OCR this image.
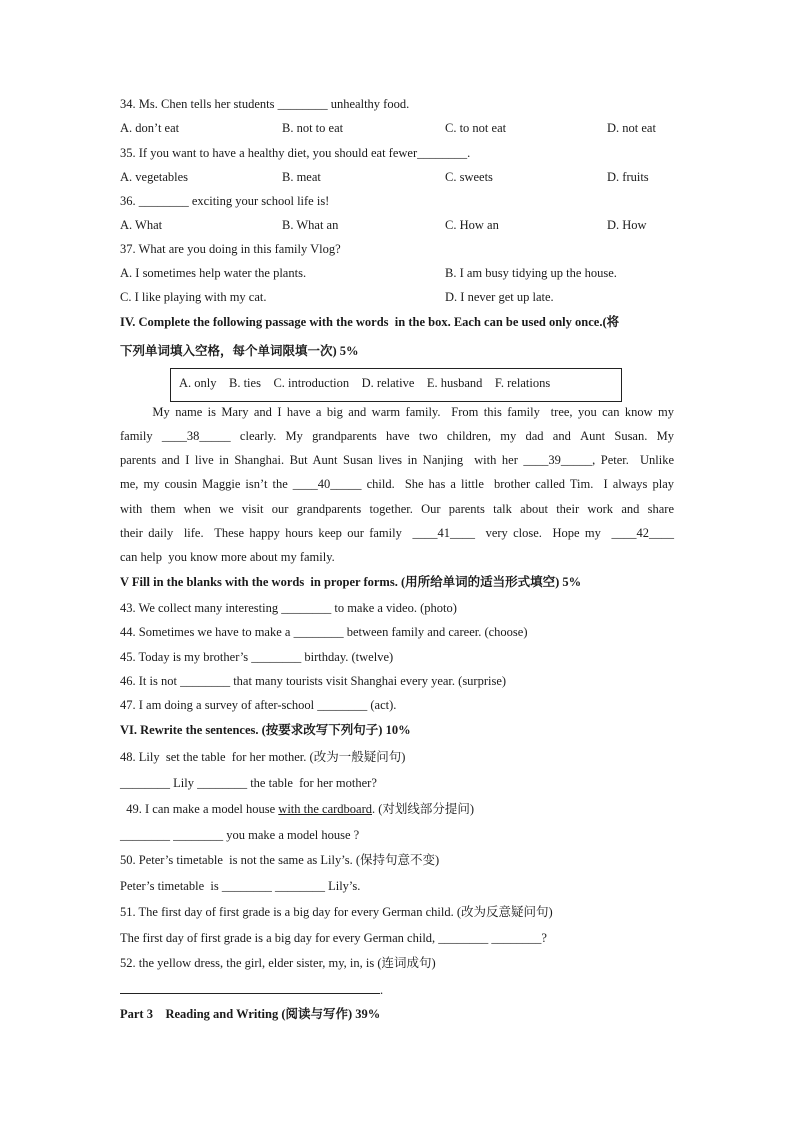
34. Ms. Chen tells her students ________ unhealthy food.
A. don’t eat	B. not to eat	C. to not eat	D. not eat
35. If you want to have a healthy diet, you should eat fewer________.
A. vegetables	B. meat	C. sweets	D. fruits
36. ________ exciting your school life is!
A. What	B. What an	C. How an	D. How
37. What are you doing in this family Vlog?
A. I sometimes help water the plants.	B. I am busy tidying up the house.
C. I like playing with my cat.	D. I never get up late.
IV. Complete the following passage with the words  in the box. Each can be used only once.(将
下列单词填入空格，每个单词限填一次) 5%
A. only    B. ties    C. introduction    D. relative    E. husband    F. relations
My name is Mary and I have a big and warm family.  From this family  tree, you can know my
family  ____38_____  clearly.  My  grandparents  have  two  children,  my  dad  and  Aunt  Susan.  My
parents and I live in Shanghai. But Aunt Susan lives in Nanjing  with her ____39_____, Peter.  Unlike
me, my cousin Maggie isn’t the ____40_____ child.  She has a little  brother called Tim.  I always play
with  them  when  we  visit  our  grandparents  together.  Our  parents  talk  about  their  work  and  share
their daily  life.  These happy hours keep our family  ____41____  very close.  Hope my  ____42____
can help  you know more about my family.
V Fill in the blanks with the words  in proper forms. (用所给单词的适当形式填空) 5%
43. We collect many interesting ________ to make a video. (photo)
44. Sometimes we have to make a ________ between family and career. (choose)
45. Today is my brother’s ________ birthday. (twelve)
46. It is not ________ that many tourists visit Shanghai every year. (surprise)
47. I am doing a survey of after-school ________ (act).
VI. Rewrite the sentences. (按要求改写下列句子) 10%
48. Lily  set the table  for her mother. (改为一般疑问句)
________ Lily ________ the table  for her mother?
49. I can make a model house with the cardboard. (对划线部分提问)
________ ________ you make a model house ?
50. Peter’s timetable  is not the same as Lily’s. (保持句意不变)
Peter’s timetable  is ________ ________ Lily’s.
51. The first day of first grade is a big day for every German child. (改为反意疑问句)
The first day of first grade is a big day for every German child, ________ ________?
52. the yellow dress, the girl, elder sister, my, in, is (连词成句)
.
Part 3    Reading and Writing (阅读与写作) 39%
